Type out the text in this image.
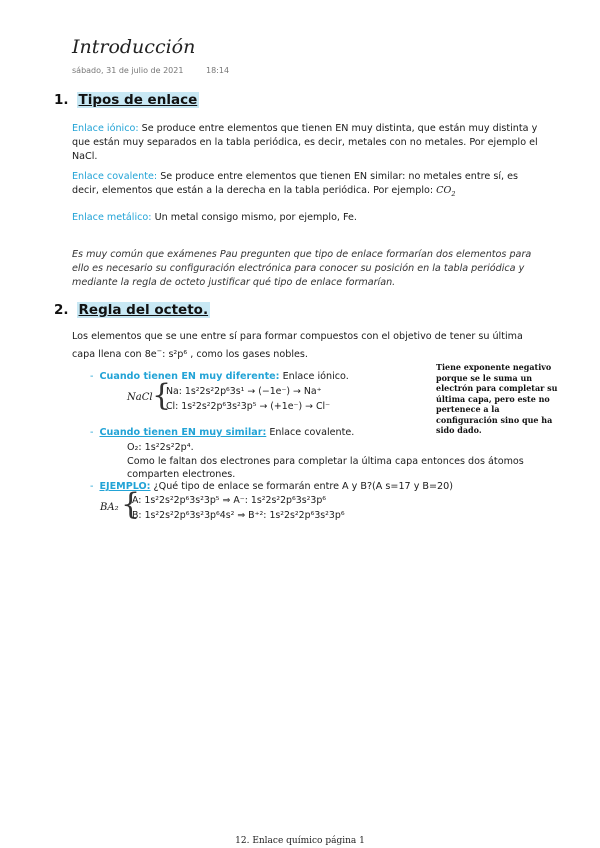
Introducción
sábado, 31 de julio de 2021	18:14
1. Tipos de enlace
Enlace iónico: Se produce entre elementos que tienen EN muy distinta, que están muy distinta y que están muy separados en la tabla periódica, es decir, metales con no metales. Por ejemplo el NaCl.
Enlace covalente: Se produce entre elementos que tienen EN similar: no metales entre sí, es decir, elementos que están a la derecha en la tabla periódica. Por ejemplo: $CO_2$
Enlace metálico: Un metal consigo mismo, por ejemplo, Fe.
Es muy común que exámenes Pau pregunten que tipo de enlace formarían dos elementos para ello es necesario su configuración electrónica para conocer su posición en la tabla periódica y mediante la regla de octeto justificar qué tipo de enlace formarían.
2. Regla del octeto.
Los elementos que se une entre sí para formar compuestos con el objetivo de tener su última capa llena con 8e−: s²p⁶ , como los gases nobles.
Tiene exponente negativo porque se le suma un electrón para completar su última capa, pero este no pertenece a la configuración sino que ha sido dado.
- Cuando tienen EN muy diferente: Enlace iónico.
NaCl {
Na: 1s²2s²2p⁶3s¹ → (−1e⁻) → Na⁺
Cl: 1s²2s²2p⁶3s²3p⁵ → (+1e⁻) → Cl⁻
- Cuando tienen EN muy similar: Enlace covalente.
O₂: 1s²2s²2p⁴.
Como le faltan dos electrones para completar la última capa entonces dos átomos comparten electrones.
- EJEMPLO: ¿Qué tipo de enlace se formarán entre A y B?(A s=17 y B=20)
BA₂ {
A: 1s²2s²2p⁶3s²3p⁵ ⇒ A⁻: 1s²2s²2p⁶3s²3p⁶
B: 1s²2s²2p⁶3s²3p⁶4s² ⇒ B⁺²: 1s²2s²2p⁶3s²3p⁶
12. Enlace químico página 1
